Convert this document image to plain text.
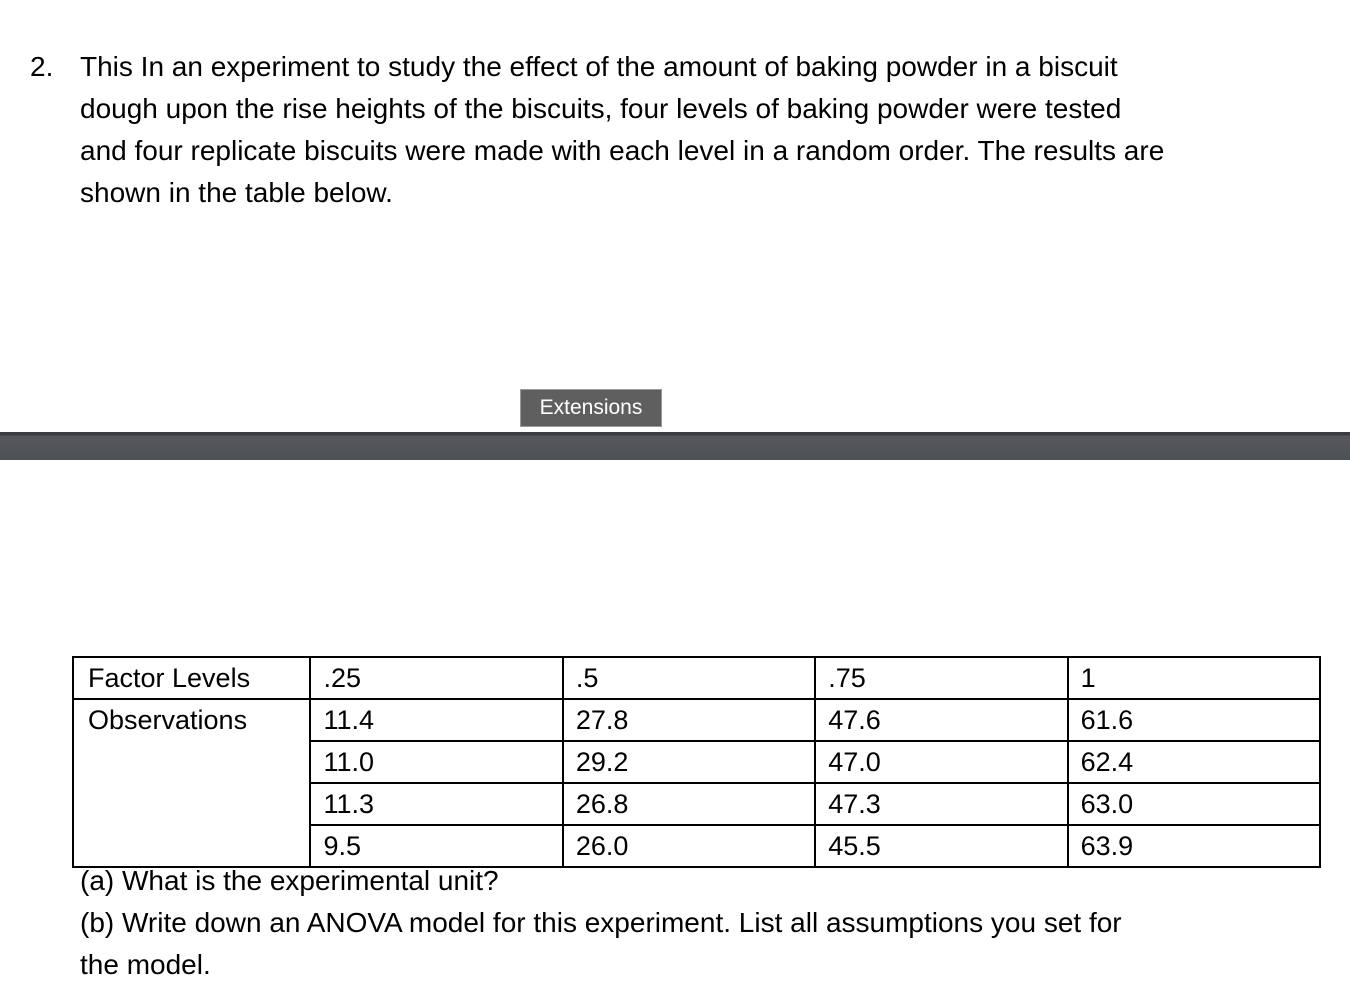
2. This In an experiment to study the effect of the amount of baking powder in a biscuit
dough upon the rise heights of the biscuits, four levels of baking powder were tested
and four replicate biscuits were made with each level in a random order. The results are
shown in the table below.
Extensions
Factor Levels	.25	.5	.75	1
Observations	11.4	27.8	47.6	61.6
	11.0	29.2	47.0	62.4
	11.3	26.8	47.3	63.0
	9.5	26.0	45.5	63.9
(a) What is the experimental unit?
(b) Write down an ANOVA model for this experiment. List all assumptions you set for
the model.
